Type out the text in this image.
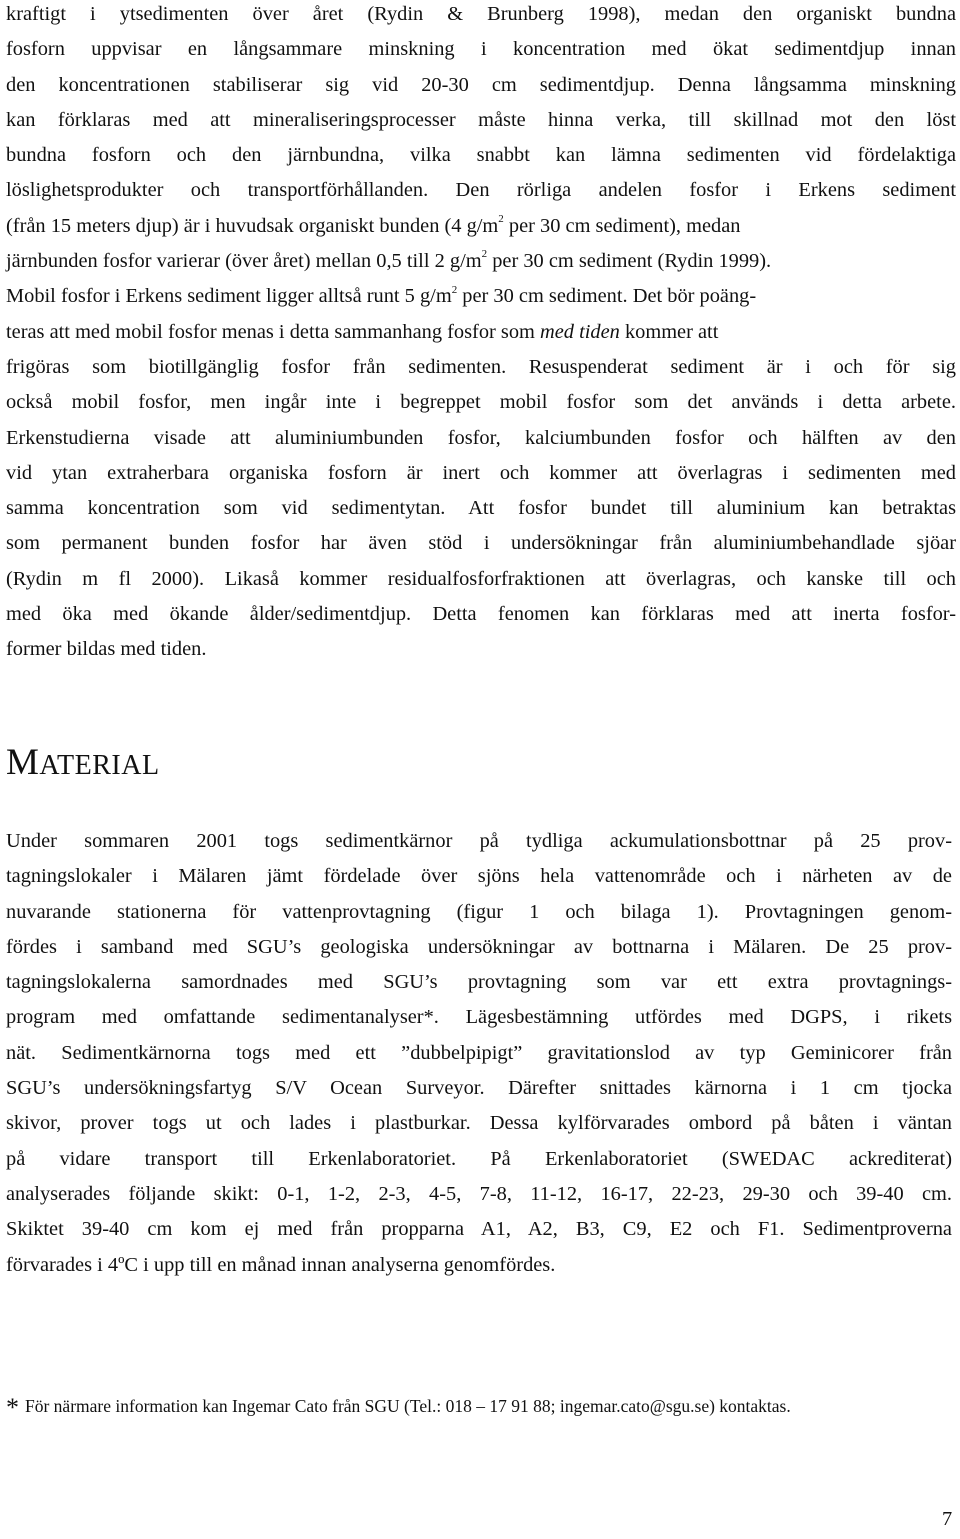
kraftigt i ytsedimenten över året (Rydin & Brunberg 1998), medan den organiskt bundna
fosforn uppvisar en långsammare minskning i koncentration med ökat sedimentdjup innan
den koncentrationen stabiliserar sig vid 20-30 cm sedimentdjup. Denna långsamma minskning
kan förklaras med att mineraliseringsprocesser måste hinna verka, till skillnad mot den löst
bundna fosforn och den järnbundna, vilka snabbt kan lämna sedimenten vid fördelaktiga
löslighetsprodukter och transportförhållanden. Den rörliga andelen fosfor i Erkens sediment
(från 15 meters djup) är i huvudsak organiskt bunden (4 $g/m^2$ per 30 cm sediment), medan
järnbunden fosfor varierar (över året) mellan 0,5 till 2 $g/m^2$ per 30 cm sediment (Rydin 1999).
Mobil fosfor i Erkens sediment ligger alltså runt 5 $g/m^2$ per 30 cm sediment. Det bör poäng-
teras att med mobil fosfor menas i detta sammanhang fosfor som med tiden kommer att
frigöras som biotillgänglig fosfor från sedimenten. Resuspenderat sediment är i och för sig
också mobil fosfor, men ingår inte i begreppet mobil fosfor som det används i detta arbete.
Erkenstudierna visade att aluminiumbunden fosfor, kalciumbunden fosfor och hälften av den
vid ytan extraherbara organiska fosforn är inert och kommer att överlagras i sedimenten med
samma koncentration som vid sedimentytan. Att fosfor bundet till aluminium kan betraktas
som permanent bunden fosfor har även stöd i undersökningar från aluminiumbehandlade sjöar
(Rydin m fl 2000). Likaså kommer residualfosforfraktionen att överlagras, och kanske till och
med öka med ökande ålder/sedimentdjup. Detta fenomen kan förklaras med att inerta fosfor-
former bildas med tiden.
MATERIAL
Under sommaren 2001 togs sedimentkärnor på tydliga ackumulationsbottnar på 25 prov-
tagningslokaler i Mälaren jämt fördelade över sjöns hela vattenområde och i närheten av de
nuvarande stationerna för vattenprovtagning (figur 1 och bilaga 1). Provtagningen genom-
fördes i samband med SGU’s geologiska undersökningar av bottnarna i Mälaren. De 25 prov-
tagningslokalerna samordnades med SGU’s provtagning som var ett extra provtagnings-
program med omfattande sedimentanalyser*. Lägesbestämning utfördes med DGPS, i rikets
nät. Sedimentkärnorna togs med ett ”dubbelpipigt” gravitationslod av typ Geminicorer från
SGU’s undersökningsfartyg S/V Ocean Surveyor. Därefter snittades kärnorna i 1 cm tjocka
skivor, prover togs ut och lades i plastburkar. Dessa kylförvarades ombord på båten i väntan
på vidare transport till Erkenlaboratoriet. På Erkenlaboratoriet (SWEDAC ackrediterat)
analyserades följande skikt: 0-1, 1-2, 2-3, 4-5, 7-8, 11-12, 16-17, 22-23, 29-30 och 39-40 cm.
Skiktet 39-40 cm kom ej med från propparna A1, A2, B3, C9, E2 och F1. Sedimentproverna
förvarades i 4ºC i upp till en månad innan analyserna genomfördes.

* För närmare information kan Ingemar Cato från SGU (Tel.: 018 – 17 91 88; ingemar.cato@sgu.se) kontaktas.

7
